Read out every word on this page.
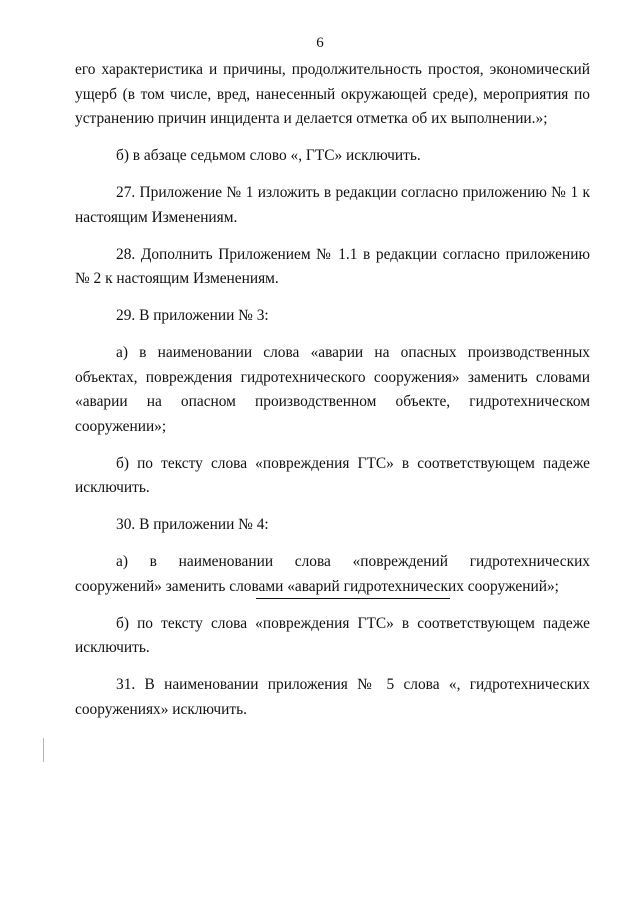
6

его характеристика и причины, продолжительность простоя, экономический ущерб (в том числе, вред, нанесенный окружающей среде), мероприятия по устранению причин инцидента и делается отметка об их выполнении.»;

б) в абзаце седьмом слово «, ГТС» исключить.

27. Приложение № 1 изложить в редакции согласно приложению № 1 к настоящим Изменениям.

28. Дополнить Приложением № 1.1 в редакции согласно приложению № 2 к настоящим Изменениям.

29. В приложении № 3:

а) в наименовании слова «аварии на опасных производственных объектах, повреждения гидротехнического сооружения» заменить словами «аварии на опасном производственном объекте, гидротехническом сооружении»;

б) по тексту слова «повреждения ГТС» в соответствующем падеже исключить.

30. В приложении № 4:

а) в наименовании слова «повреждений гидротехнических сооружений» заменить словами «аварий гидротехнических сооружений»;

б) по тексту слова «повреждения ГТС» в соответствующем падеже исключить.

31. В наименовании приложения № 5 слова «, гидротехнических сооружениях» исключить.
